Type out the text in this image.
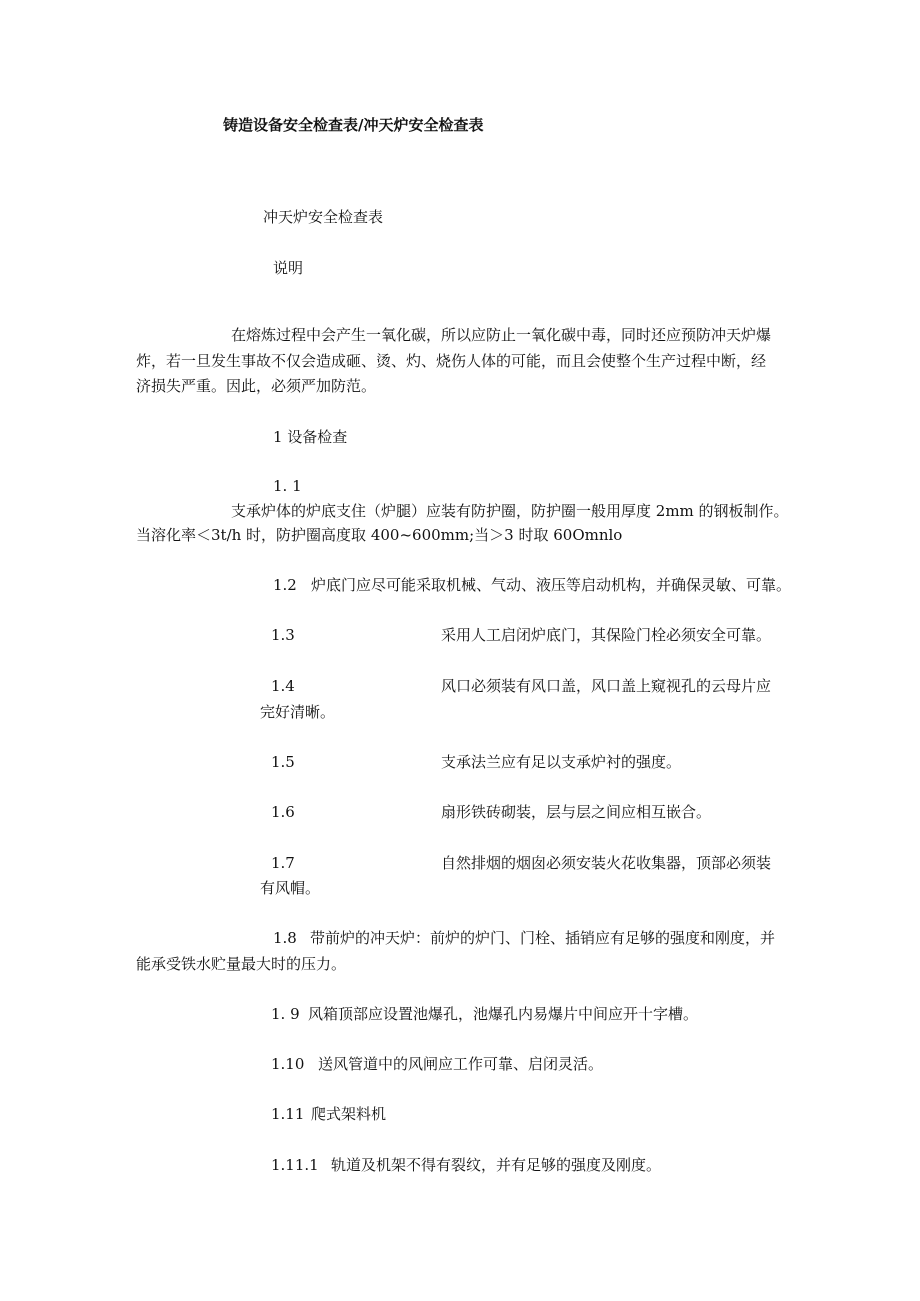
铸造设备安全检查表/冲天炉安全检查表
冲天炉安全检查表
说明
在熔炼过程中会产生一氧化碳，所以应防止一氧化碳中毒，同时还应预防冲天炉爆
炸，若一旦发生事故不仅会造成砸、烫、灼、烧伤人体的可能，而且会使整个生产过程中断，经
济损失严重。因此，必须严加防范。
1 设备检查
1. 1
支承炉体的炉底支住（炉腿）应装有防护圈，防护圈一般用厚度 2mm 的钢板制作。
当溶化率＜3t/h 时，防护圈高度取 400~600mm;当＞3 时取 60Omnlo
1.2 炉底门应尽可能采取机械、气动、液压等启动机构，并确保灵敏、可靠。
1.3	采用人工启闭炉底门，其保险门栓必须安全可靠。
1.4	风口必须装有风口盖，风口盖上窥视孔的云母片应
完好清晰。
1.5	支承法兰应有足以支承炉衬的强度。
1.6	扇形铁砖砌装，层与层之间应相互嵌合。
1.7	自然排烟的烟囱必须安装火花收集器，顶部必须装
有风帽。
1.8 带前炉的冲天炉：前炉的炉门、门栓、插销应有足够的强度和刚度，并
能承受铁水贮量最大时的压力。
1. 9 风箱顶部应设置池爆孔，池爆孔内易爆片中间应开十字槽。
1.10 送风管道中的风闸应工作可靠、启闭灵活。
1.11 爬式架料机
1.11.1 轨道及机架不得有裂纹，并有足够的强度及刚度。
